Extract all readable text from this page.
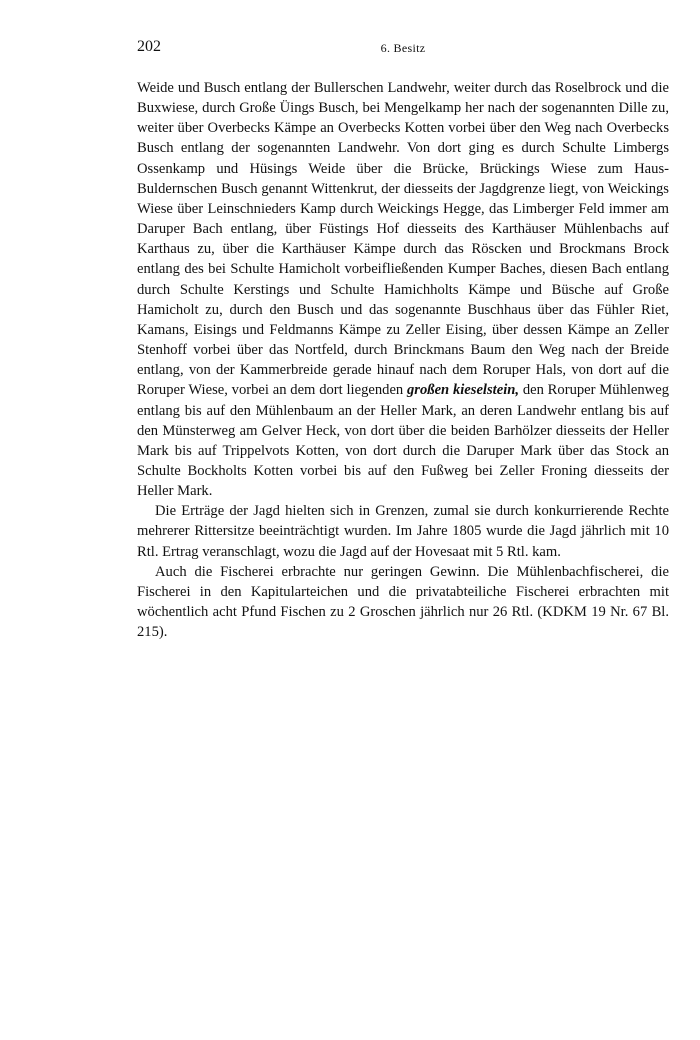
202	6. Besitz

Weide und Busch entlang der Bullerschen Landwehr, weiter durch das Roselbrock und die Buxwiese, durch Große Üings Busch, bei Mengelkamp her nach der sogenannten Dille zu, weiter über Overbecks Kämpe an Overbecks Kotten vorbei über den Weg nach Overbecks Busch entlang der sogenannten Landwehr. Von dort ging es durch Schulte Limbergs Ossenkamp und Hüsings Weide über die Brücke, Brückings Wiese zum Haus-Buldernschen Busch genannt Wittenkrut, der diesseits der Jagdgrenze liegt, von Weickings Wiese über Leinschnieders Kamp durch Weickings Hegge, das Limberger Feld immer am Daruper Bach entlang, über Füstings Hof diesseits des Karthäuser Mühlenbachs auf Karthaus zu, über die Karthäuser Kämpe durch das Röscken und Brockmans Brock entlang des bei Schulte Hamicholt vorbeifließenden Kumper Baches, diesen Bach entlang durch Schulte Kerstings und Schulte Hamichholts Kämpe und Büsche auf Große Hamicholt zu, durch den Busch und das sogenannte Buschhaus über das Fühler Riet, Kamans, Eisings und Feldmanns Kämpe zu Zeller Eising, über dessen Kämpe an Zeller Stenhoff vorbei über das Nortfeld, durch Brinckmans Baum den Weg nach der Breide entlang, von der Kammerbreide gerade hinauf nach dem Roruper Hals, von dort auf die Roruper Wiese, vorbei an dem dort liegenden großen kieselstein, den Roruper Mühlenweg entlang bis auf den Mühlenbaum an der Heller Mark, an deren Landwehr entlang bis auf den Münsterweg am Gelver Heck, von dort über die beiden Barhölzer diesseits der Heller Mark bis auf Trippelvots Kotten, von dort durch die Daruper Mark über das Stock an Schulte Bockholts Kotten vorbei bis auf den Fußweg bei Zeller Froning diesseits der Heller Mark.

Die Erträge der Jagd hielten sich in Grenzen, zumal sie durch konkurrierende Rechte mehrerer Rittersitze beeinträchtigt wurden. Im Jahre 1805 wurde die Jagd jährlich mit 10 Rtl. Ertrag veranschlagt, wozu die Jagd auf der Hovesaat mit 5 Rtl. kam.

Auch die Fischerei erbrachte nur geringen Gewinn. Die Mühlenbachfischerei, die Fischerei in den Kapitularteichen und die privatabteiliche Fischerei erbrachten mit wöchentlich acht Pfund Fischen zu 2 Groschen jährlich nur 26 Rtl. (KDKM 19 Nr. 67 Bl. 215).
